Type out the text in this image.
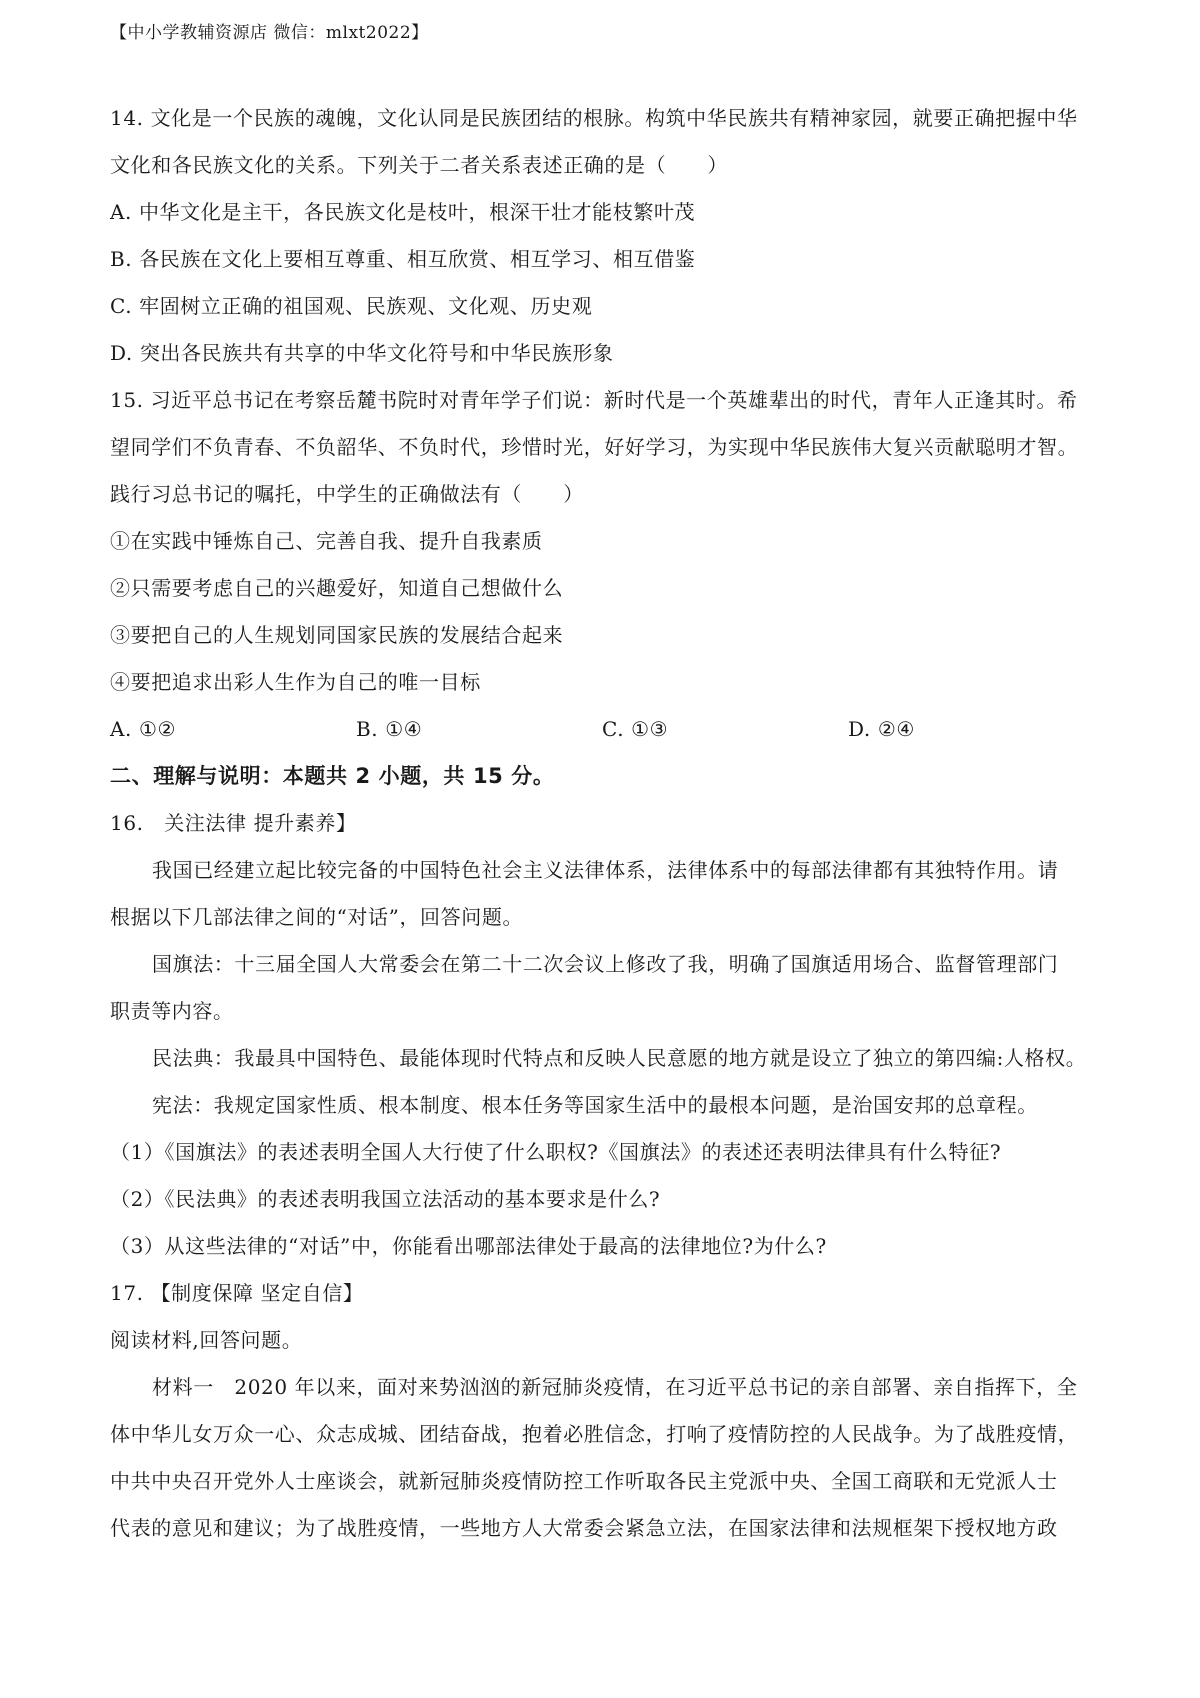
【中小学教辅资源店 微信：mlxt2022】
14. 文化是一个民族的魂魄，文化认同是民族团结的根脉。构筑中华民族共有精神家园，就要正确把握中华
文化和各民族文化的关系。下列关于二者关系表述正确的是（　　）
A. 中华文化是主干，各民族文化是枝叶，根深干壮才能枝繁叶茂
B. 各民族在文化上要相互尊重、相互欣赏、相互学习、相互借鉴
C. 牢固树立正确的祖国观、民族观、文化观、历史观
D. 突出各民族共有共享的中华文化符号和中华民族形象
15. 习近平总书记在考察岳麓书院时对青年学子们说：新时代是一个英雄辈出的时代，青年人正逢其时。希
望同学们不负青春、不负韶华、不负时代，珍惜时光，好好学习，为实现中华民族伟大复兴贡献聪明才智。
践行习总书记的嘱托，中学生的正确做法有（　　）
①在实践中锤炼自己、完善自我、提升自我素质
②只需要考虑自己的兴趣爱好，知道自己想做什么
③要把自己的人生规划同国家民族的发展结合起来
④要把追求出彩人生作为自己的唯一目标
A. ①②	B. ①④	C. ①③	D. ②④
二、理解与说明：本题共 2 小题，共 15 分。
16.　关注法律 提升素养】
我国已经建立起比较完备的中国特色社会主义法律体系，法律体系中的每部法律都有其独特作用。请
根据以下几部法律之间的“对话”，回答问题。
国旗法：十三届全国人大常委会在第二十二次会议上修改了我，明确了国旗适用场合、监督管理部门
职责等内容。
民法典：我最具中国特色、最能体现时代特点和反映人民意愿的地方就是设立了独立的第四编:人格权。
宪法：我规定国家性质、根本制度、根本任务等国家生活中的最根本问题，是治国安邦的总章程。
（1）《国旗法》的表述表明全国人大行使了什么职权?《国旗法》的表述还表明法律具有什么特征?
（2）《民法典》的表述表明我国立法活动的基本要求是什么?
（3）从这些法律的“对话”中，你能看出哪部法律处于最高的法律地位?为什么?
17. 【制度保障 坚定自信】
阅读材料,回答问题。
材料一　2020 年以来，面对来势汹汹的新冠肺炎疫情，在习近平总书记的亲自部署、亲自指挥下，全
体中华儿女万众一心、众志成城、团结奋战，抱着必胜信念，打响了疫情防控的人民战争。为了战胜疫情，
中共中央召开党外人士座谈会，就新冠肺炎疫情防控工作听取各民主党派中央、全国工商联和无党派人士
代表的意见和建议；为了战胜疫情，一些地方人大常委会紧急立法，在国家法律和法规框架下授权地方政
